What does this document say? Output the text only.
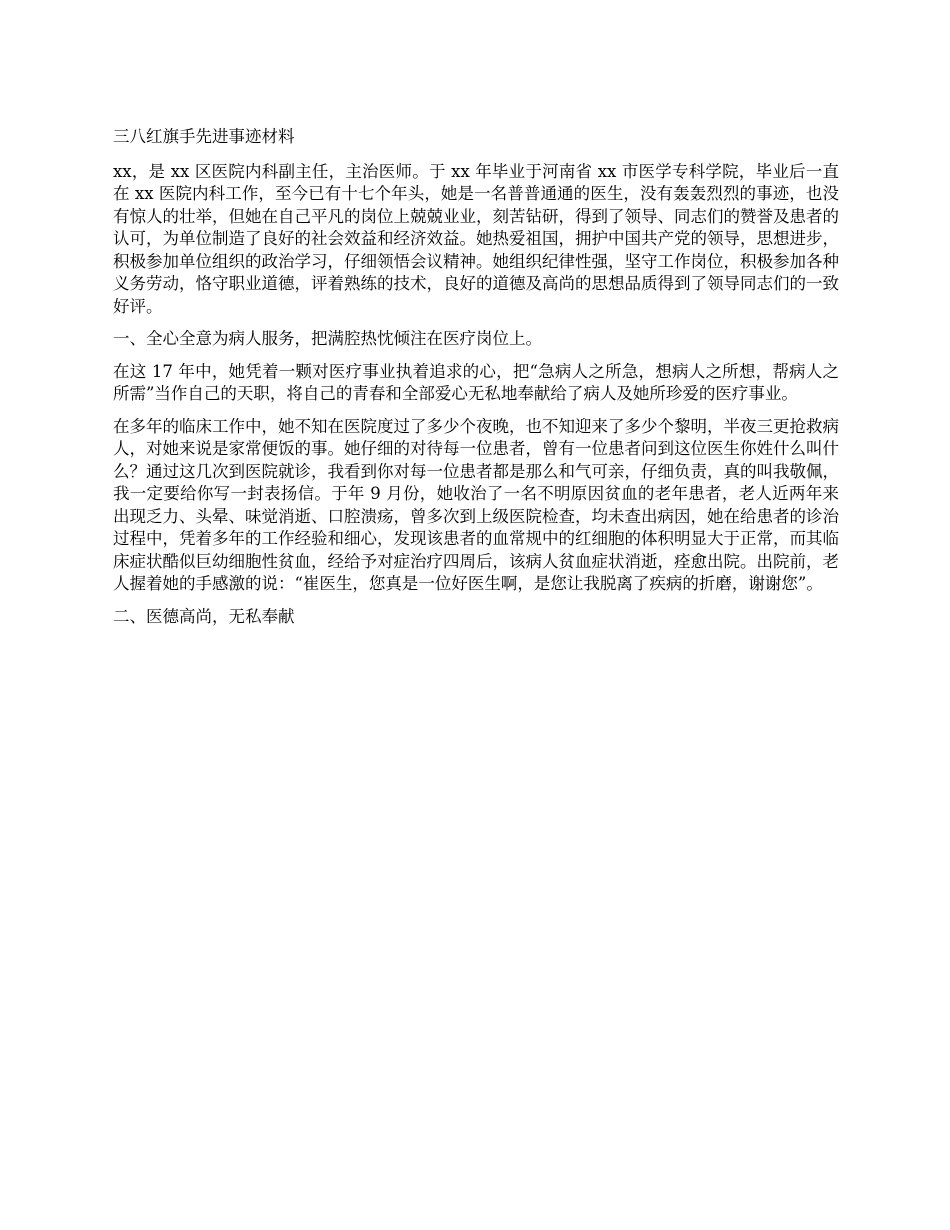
三八红旗手先进事迹材料

xx，是 xx 区医院内科副主任，主治医师。于 xx 年毕业于河南省 xx 市医学专科学院，毕业后一直在 xx 医院内科工作，至今已有十七个年头，她是一名普普通通的医生，没有轰轰烈烈的事迹，也没有惊人的壮举，但她在自己平凡的岗位上兢兢业业，刻苦钻研，得到了领导、同志们的赞誉及患者的认可，为单位制造了良好的社会效益和经济效益。她热爱祖国，拥护中国共产党的领导，思想进步，积极参加单位组织的政治学习，仔细领悟会议精神。她组织纪律性强，坚守工作岗位，积极参加各种义务劳动，恪守职业道德，评着熟练的技术，良好的道德及高尚的思想品质得到了领导同志们的一致好评。

一、全心全意为病人服务，把满腔热忱倾注在医疗岗位上。

在这 17 年中，她凭着一颗对医疗事业执着追求的心，把“急病人之所急，想病人之所想，帮病人之所需”当作自己的天职，将自己的青春和全部爱心无私地奉献给了病人及她所珍爱的医疗事业。

在多年的临床工作中，她不知在医院度过了多少个夜晚，也不知迎来了多少个黎明，半夜三更抢救病人，对她来说是家常便饭的事。她仔细的对待每一位患者，曾有一位患者问到这位医生你姓什么叫什么？通过这几次到医院就诊，我看到你对每一位患者都是那么和气可亲，仔细负责，真的叫我敬佩，我一定要给你写一封表扬信。于年 9 月份，她收治了一名不明原因贫血的老年患者，老人近两年来出现乏力、头晕、味觉消逝、口腔溃疡，曾多次到上级医院检查，均未查出病因，她在给患者的诊治过程中，凭着多年的工作经验和细心，发现该患者的血常规中的红细胞的体积明显大于正常，而其临床症状酷似巨幼细胞性贫血，经给予对症治疗四周后，该病人贫血症状消逝，痊愈出院。出院前，老人握着她的手感激的说：“崔医生，您真是一位好医生啊，是您让我脱离了疾病的折磨，谢谢您”。

二、医德高尚，无私奉献
